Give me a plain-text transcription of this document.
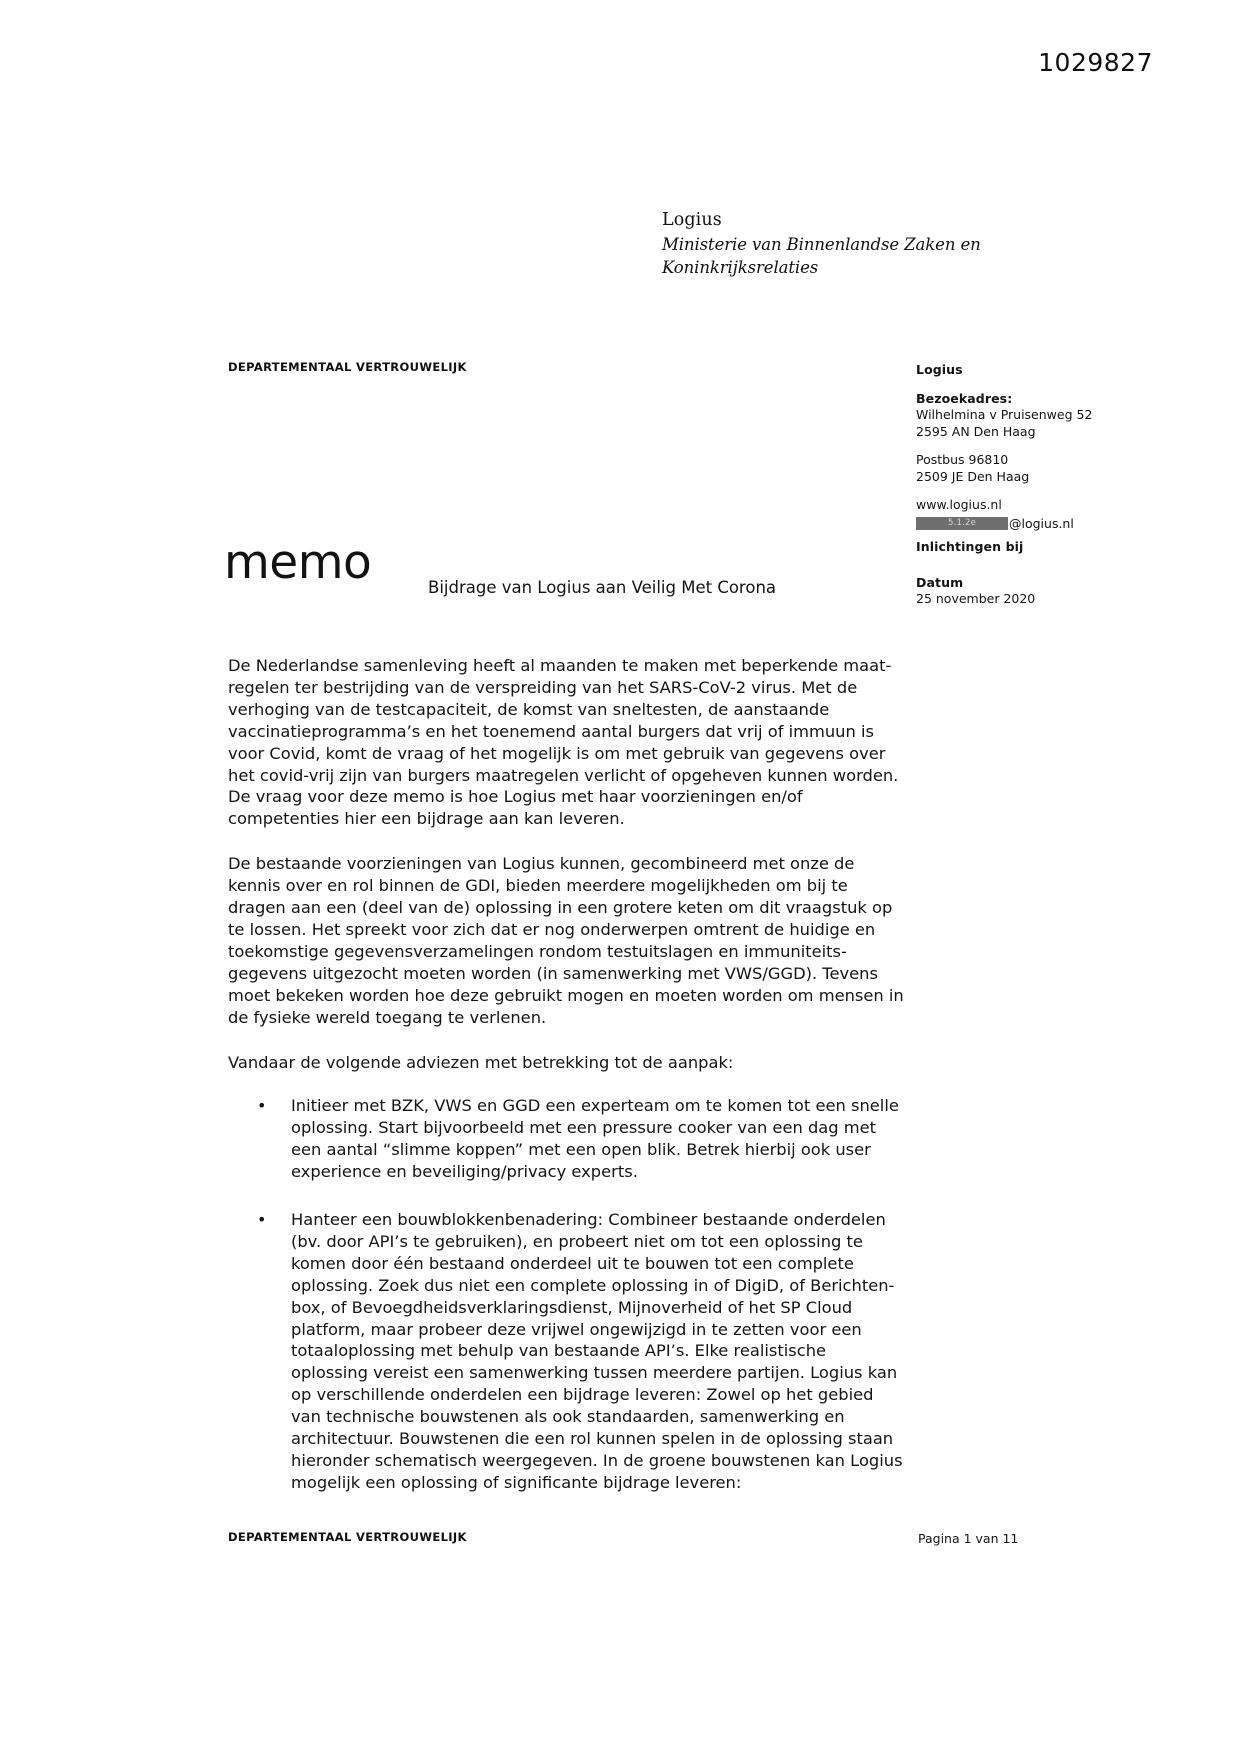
1029827
Logius
Ministerie van Binnenlandse Zaken en
Koninkrijksrelaties
DEPARTEMENTAAL VERTROUWELIJK	Logius
Bezoekadres:
Wilhelmina v Pruisenweg 52
2595 AN Den Haag
Postbus 96810
2509 JE Den Haag
www.logius.nl
5.1.2e	@logius.nl
Inlichtingen bij
Datum
25 november 2020
memo	Bijdrage van Logius aan Veilig Met Corona

De Nederlandse samenleving heeft al maanden te maken met beperkende maat-regelen ter bestrijding van de verspreiding van het SARS-CoV-2 virus. Met de verhoging van de testcapaciteit, de komst van sneltesten, de aanstaande vaccinatieprogramma’s en het toenemend aantal burgers dat vrij of immuun is voor Covid, komt de vraag of het mogelijk is om met gebruik van gegevens over het covid-vrij zijn van burgers maatregelen verlicht of opgeheven kunnen worden. De vraag voor deze memo is hoe Logius met haar voorzieningen en/of competenties hier een bijdrage aan kan leveren.

De bestaande voorzieningen van Logius kunnen, gecombineerd met onze de kennis over en rol binnen de GDI, bieden meerdere mogelijkheden om bij te dragen aan een (deel van de) oplossing in een grotere keten om dit vraagstuk op te lossen. Het spreekt voor zich dat er nog onderwerpen omtrent de huidige en toekomstige gegevensverzamelingen rondom testuitslagen en immuniteits-gegevens uitgezocht moeten worden (in samenwerking met VWS/GGD). Tevens moet bekeken worden hoe deze gebruikt mogen en moeten worden om mensen in de fysieke wereld toegang te verlenen.

Vandaar de volgende adviezen met betrekking tot de aanpak:

• Initieer met BZK, VWS en GGD een experteam om te komen tot een snelle oplossing. Start bijvoorbeeld met een pressure cooker van een dag met een aantal “slimme koppen” met een open blik. Betrek hierbij ook user experience en beveiliging/privacy experts.
• Hanteer een bouwblokkenbenadering: Combineer bestaande onderdelen (bv. door API’s te gebruiken), en probeert niet om tot een oplossing te komen door één bestaand onderdeel uit te bouwen tot een complete oplossing. Zoek dus niet een complete oplossing in of DigiD, of Berichten-box, of Bevoegdheidsverklaringsdienst, Mijnoverheid of het SP Cloud platform, maar probeer deze vrijwel ongewijzigd in te zetten voor een totaaloplossing met behulp van bestaande API’s. Elke realistische oplossing vereist een samenwerking tussen meerdere partijen. Logius kan op verschillende onderdelen een bijdrage leveren: Zowel op het gebied van technische bouwstenen als ook standaarden, samenwerking en architectuur. Bouwstenen die een rol kunnen spelen in de oplossing staan hieronder schematisch weergegeven. In de groene bouwstenen kan Logius mogelijk een oplossing of significante bijdrage leveren:
DEPARTEMENTAAL VERTROUWELIJK	Pagina 1 van 11
